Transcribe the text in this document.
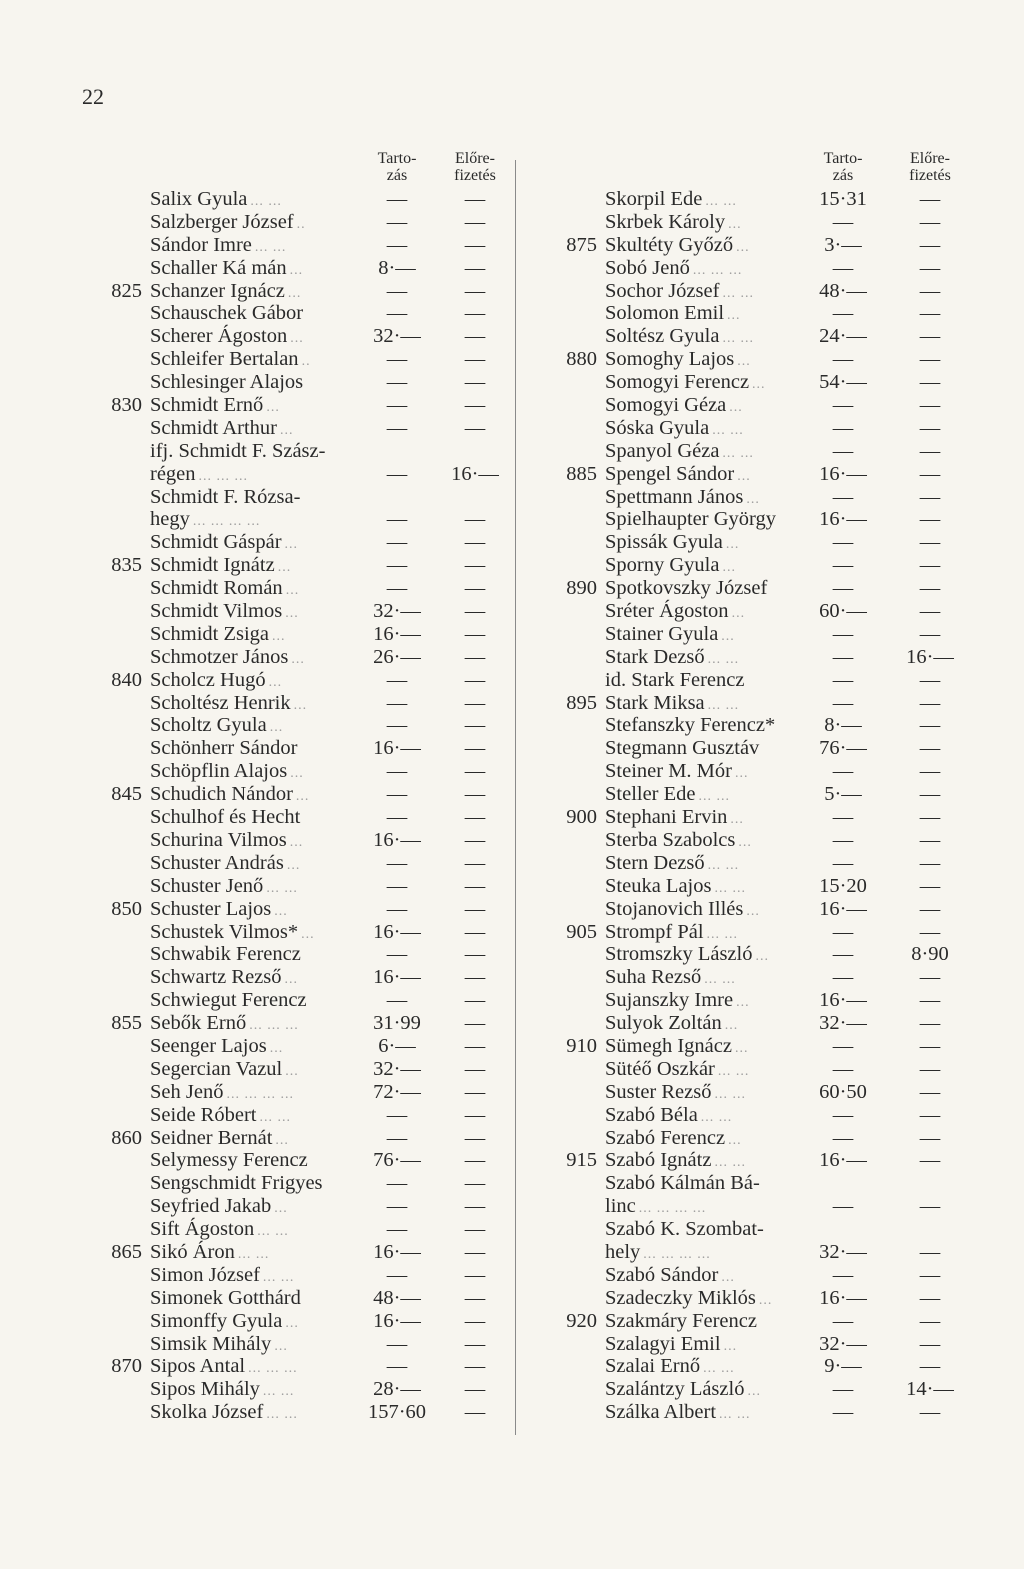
22
Tarto-
zás
Előre-
fizetés
Salix Gyula ... ...	—	—
Salzberger József ..	—	—
Sándor Imre ... ...	—	—
Schaller Ká mán ...	8·—	—
825 Schanzer Ignácz ...	—	—
Schauschek Gábor	—	—
Scherer Ágoston ...	32·—	—
Schleifer Bertalan ..	—	—
Schlesinger Alajos	—	—
830 Schmidt Ernő ...	—	—
Schmidt Arthur ...	—	—
ifj. Schmidt F. Szász-
régen ... ... ...	—	16·—
Schmidt F. Rózsa-
hegy ... ... ... ...	—	—
Schmidt Gáspár ...	—	—
835 Schmidt Ignátz ...	—	—
Schmidt Román ...	—	—
Schmidt Vilmos ...	32·—	—
Schmidt Zsiga ...	16·—	—
Schmotzer János ...	26·—	—
840 Scholcz Hugó ...	—	—
Scholtész Henrik ...	—	—
Scholtz Gyula ...	—	—
Schönherr Sándor	16·—	—
Schöpflin Alajos ...	—	—
845 Schudich Nándor ...	—	—
Schulhof és Hecht	—	—
Schurina Vilmos ...	16·—	—
Schuster András ...	—	—
Schuster Jenő ... ...	—	—
850 Schuster Lajos ...	—	—
Schustek Vilmos* ...	16·—	—
Schwabik Ferencz	—	—
Schwartz Rezső ...	16·—	—
Schwiegut Ferencz	—	—
855 Sebők Ernő ... ... ...	31·99	—
Seenger Lajos ...	6·—	—
Segercian Vazul ...	32·—	—
Seh Jenő ... ... ... ...	72·—	—
Seide Róbert ... ...	—	—
860 Seidner Bernát ...	—	—
Selymessy Ferencz	76·—	—
Sengschmidt Frigyes	—	—
Seyfried Jakab ...	—	—
Sift Ágoston ... ...	—	—
865 Sikó Áron ... ...	16·—	—
Simon József ... ...	—	—
Simonek Gotthárd	48·—	—
Simonffy Gyula ...	16·—	—
Simsik Mihály ...	—	—
870 Sipos Antal ... ... ...	—	—
Sipos Mihály ... ...	28·—	—
Skolka József ... ...	157·60	—
Tarto-
zás
Előre-
fizetés
Skorpil Ede ... ...	15·31	—
Skrbek Károly ...	—	—
875 Skultéty Győző ...	3·—	—
Sobó Jenő ... ... ...	—	—
Sochor József ... ...	48·—	—
Solomon Emil ...	—	—
Soltész Gyula ... ...	24·—	—
880 Somoghy Lajos ...	—	—
Somogyi Ferencz ...	54·—	—
Somogyi Géza ...	—	—
Sóska Gyula ... ...	—	—
Spanyol Géza ... ...	—	—
885 Spengel Sándor ...	16·—	—
Spettmann János ...	—	—
Spielhaupter György	16·—	—
Spissák Gyula ...	—	—
Sporny Gyula ...	—	—
890 Spotkovszky József	—	—
Sréter Ágoston ...	60·—	—
Stainer Gyula ...	—	—
Stark Dezső ... ...	—	16·—
id. Stark Ferencz	—	—
895 Stark Miksa ... ...	—	—
Stefanszky Ferencz*	8·—	—
Stegmann Gusztáv	76·—	—
Steiner M. Mór ...	—	—
Steller Ede ... ...	5·—	—
900 Stephani Ervin ...	—	—
Sterba Szabolcs ...	—	—
Stern Dezső ... ...	—	—
Steuka Lajos ... ...	15·20	—
Stojanovich Illés ...	16·—	—
905 Strompf Pál ... ...	—	—
Stromszky László ...	—	8·90
Suha Rezső ... ...	—	—
Sujanszky Imre ...	16·—	—
Sulyok Zoltán ...	32·—	—
910 Sümegh Ignácz ...	—	—
Sütéő Oszkár ... ...	—	—
Suster Rezső ... ...	60·50	—
Szabó Béla ... ...	—	—
Szabó Ferencz ...	—	—
915 Szabó Ignátz ... ...	16·—	—
Szabó Kálmán Bá-
linc ... ... ... ...	—	—
Szabó K. Szombat-
hely ... ... ... ...	32·—	—
Szabó Sándor ...	—	—
Szadeczky Miklós ...	16·—	—
920 Szakmáry Ferencz	—	—
Szalagyi Emil ...	32·—	—
Szalai Ernő ... ...	9·—	—
Szalántzy László ...	—	14·—
Szálka Albert ... ...	—	—
